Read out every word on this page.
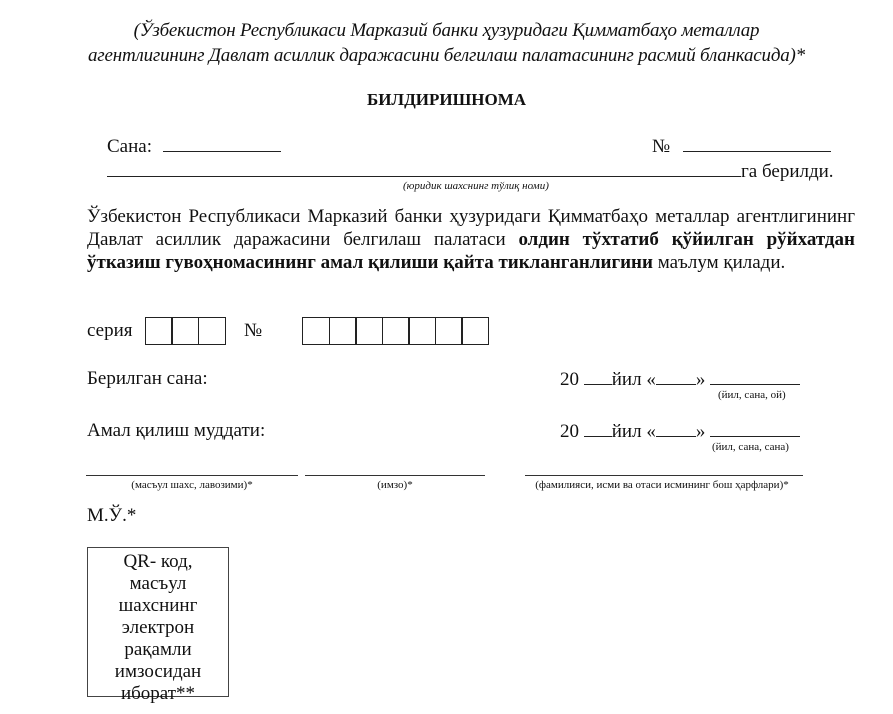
(Ўзбекистон Республикаси Марказий банки ҳузуридаги Қимматбаҳо металлар
агентлигининг Давлат асиллик даражасини белгилаш палатасининг расмий бланкасида)*
БИЛДИРИШНОМА
Сана:	№
га берилди.
(юридик шахснинг тўлиқ номи)
Ўзбекистон Республикаси Марказий банки ҳузуридаги Қимматбаҳо металлар агентлигининг Давлат асиллик даражасини белгилаш палатаси олдин тўхтатиб қўйилган рўйхатдан ўтказиш гувоҳномасининг амал қилиши қайта тикланганлигини маълум қилади.
серия	№
Берилган сана:	20 йил « »
(йил, сана, ой)
Амал қилиш муддати:	20 йил « »
(йил, сана, сана)
(масъул шахс, лавозими)*	(имзо)*	(фамилияси, исми ва отаси исмининг бош ҳарфлари)*
М.Ў.*
QR- код,
масъул
шахснинг
электрон
рақамли
имзосидан
иборат**
